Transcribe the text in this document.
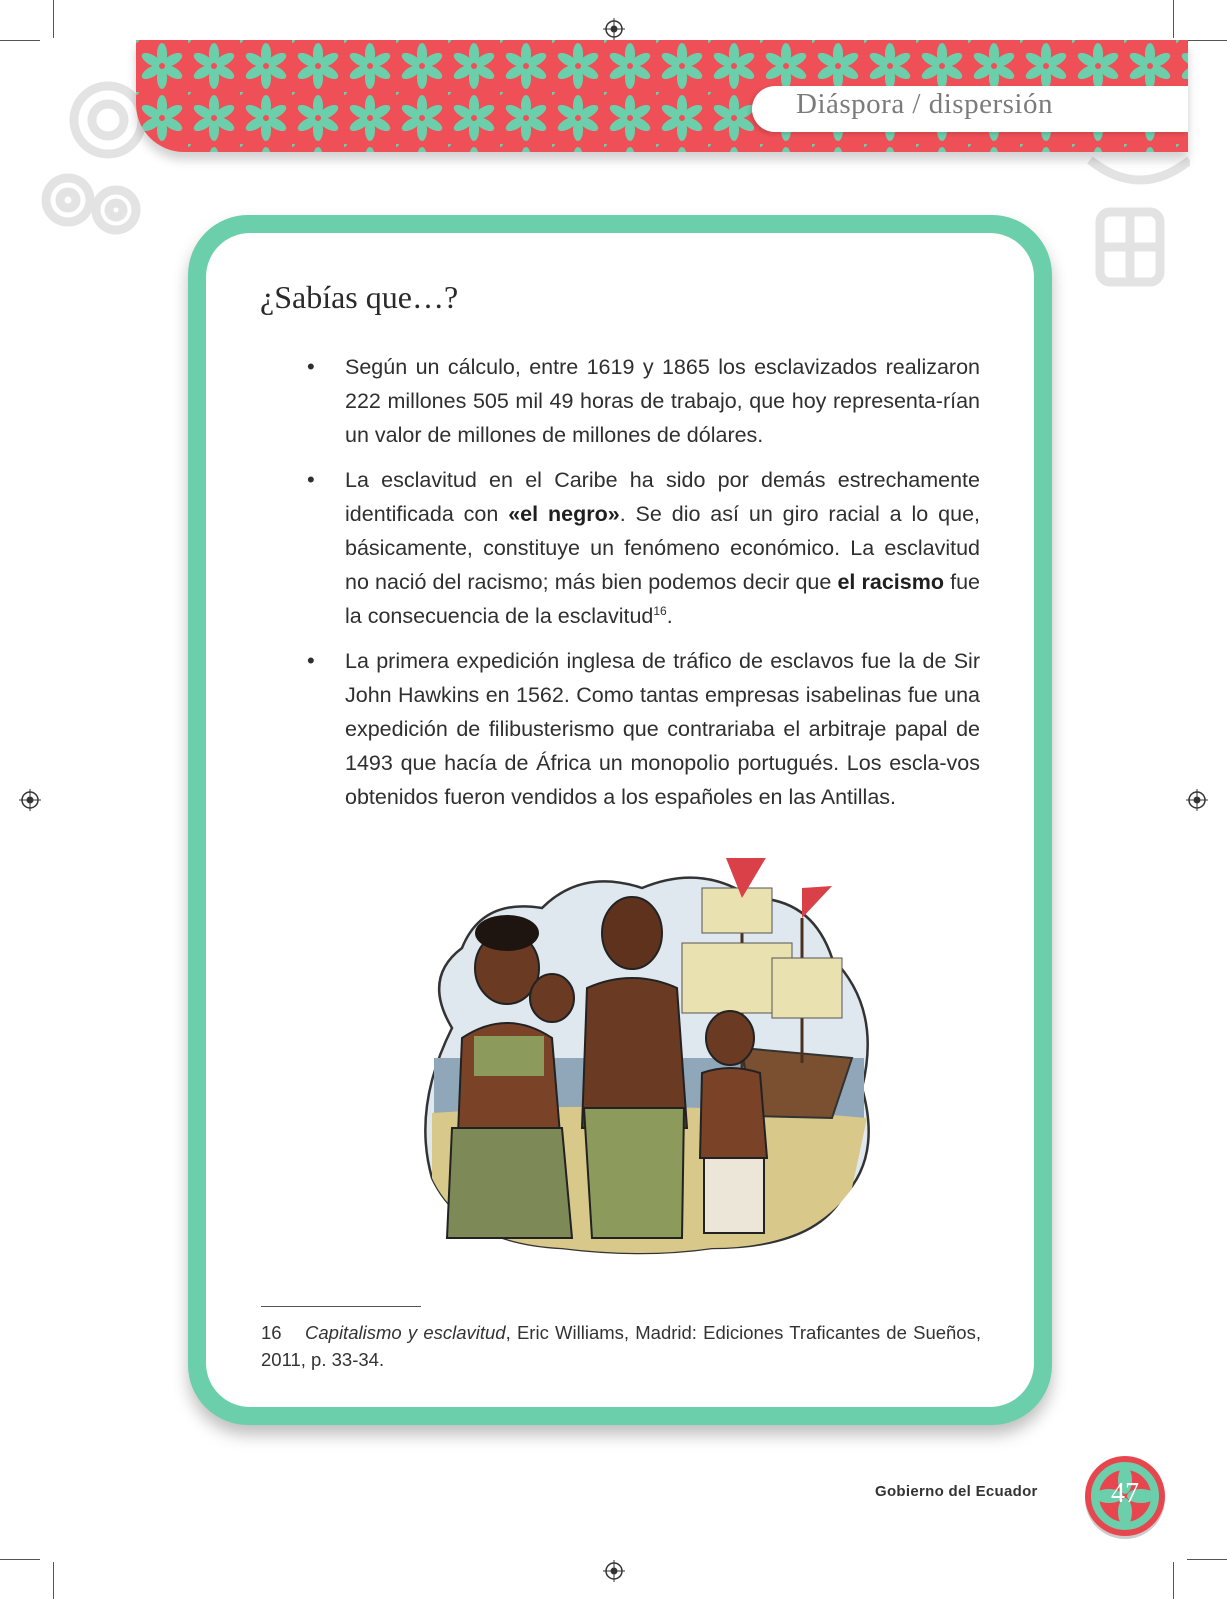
Diáspora / dispersión
¿Sabías que…?
• Según un cálculo, entre 1619 y 1865 los esclavizados realizaron 222 millones 505 mil 49 horas de trabajo, que hoy representa-rían un valor de millones de millones de dólares.
• La esclavitud en el Caribe ha sido por demás estrechamente identificada con «el negro». Se dio así un giro racial a lo que, básicamente, constituye un fenómeno económico. La esclavitud no nació del racismo; más bien podemos decir que el racismo fue la consecuencia de la esclavitud$^{16}$.
• La primera expedición inglesa de tráfico de esclavos fue la de Sir John Hawkins en 1562. Como tantas empresas isabelinas fue una expedición de filibusterismo que contrariaba el arbitraje papal de 1493 que hacía de África un monopolio portugués. Los escla-vos obtenidos fueron vendidos a los españoles en las Antillas.
16 Capitalismo y esclavitud, Eric Williams, Madrid: Ediciones Traficantes de Sueños, 2011, p. 33-34.
Gobierno del Ecuador	47
